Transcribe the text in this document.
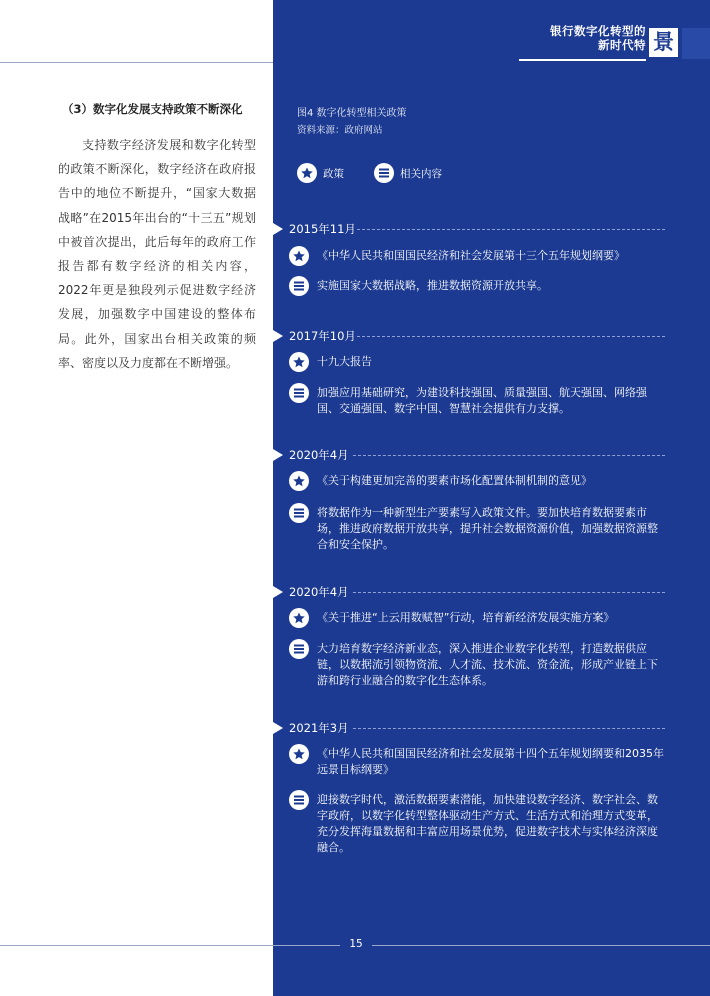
银行数字化转型的
新时代特 景
（3）数字化发展支持政策不断深化

支持数字经济发展和数字化转型的政策不断深化，数字经济在政府报告中的地位不断提升，“国家大数据战略”在2015年出台的“十三五”规划中被首次提出，此后每年的政府工作报告都有数字经济的相关内容，2022年更是独段列示促进数字经济发展，加强数字中国建设的整体布局。此外，国家出台相关政策的频率、密度以及力度都在不断增强。

图4 数字化转型相关政策
资料来源：政府网站
政策	相关内容
2015年11月
《中华人民共和国国民经济和社会发展第十三个五年规划纲要》
实施国家大数据战略，推进数据资源开放共享。
2017年10月
十九大报告
加强应用基础研究，为建设科技强国、质量强国、航天强国、网络强国、交通强国、数字中国、智慧社会提供有力支撑。
2020年4月
《关于构建更加完善的要素市场化配置体制机制的意见》
将数据作为一种新型生产要素写入政策文件。要加快培育数据要素市场，推进政府数据开放共享，提升社会数据资源价值，加强数据资源整合和安全保护。
2020年4月
《关于推进“上云用数赋智”行动，培育新经济发展实施方案》
大力培育数字经济新业态，深入推进企业数字化转型，打造数据供应链，以数据流引领物资流、人才流、技术流、资金流，形成产业链上下游和跨行业融合的数字化生态体系。
2021年3月
《中华人民共和国国民经济和社会发展第十四个五年规划纲要和2035年远景目标纲要》
迎接数字时代，激活数据要素潜能，加快建设数字经济、数字社会、数字政府，以数字化转型整体驱动生产方式、生活方式和治理方式变革，充分发挥海量数据和丰富应用场景优势，促进数字技术与实体经济深度融合。
15
